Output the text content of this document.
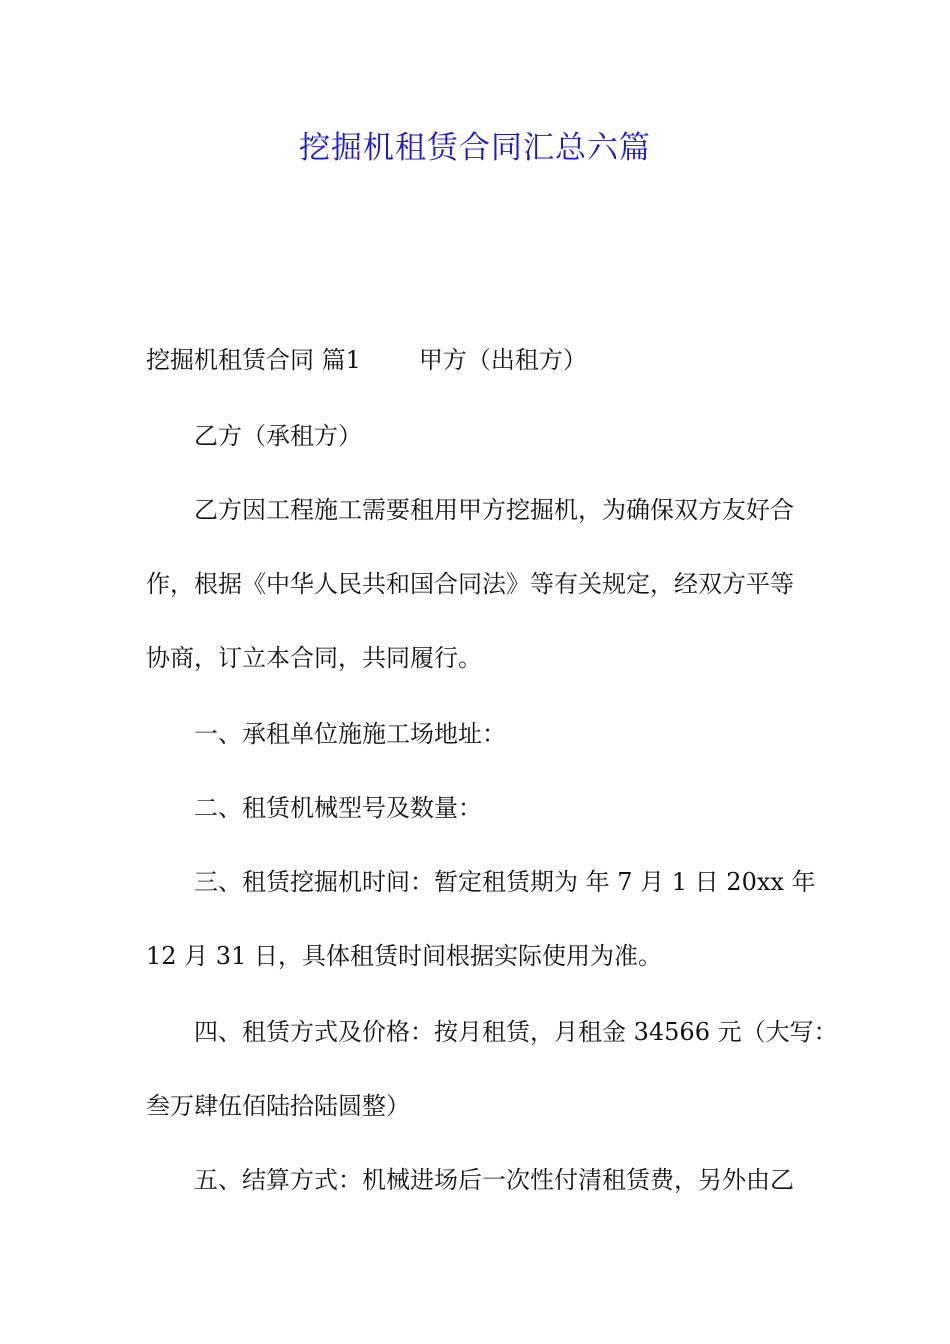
挖掘机租赁合同汇总六篇
挖掘机租赁合同 篇1 甲方（出租方）
乙方（承租方）
乙方因工程施工需要租用甲方挖掘机，为确保双方友好合
作，根据《中华人民共和国合同法》等有关规定，经双方平等
协商，订立本合同，共同履行。
一、承租单位施施工场地址：
二、租赁机械型号及数量：
三、租赁挖掘机时间：暂定租赁期为 年 7 月 1 日 20xx 年
12 月 31 日，具体租赁时间根据实际使用为准。
四、租赁方式及价格：按月租赁，月租金 34566 元（大写：
叁万肆伍佰陆拾陆圆整）
五、结算方式：机械进场后一次性付清租赁费，另外由乙
